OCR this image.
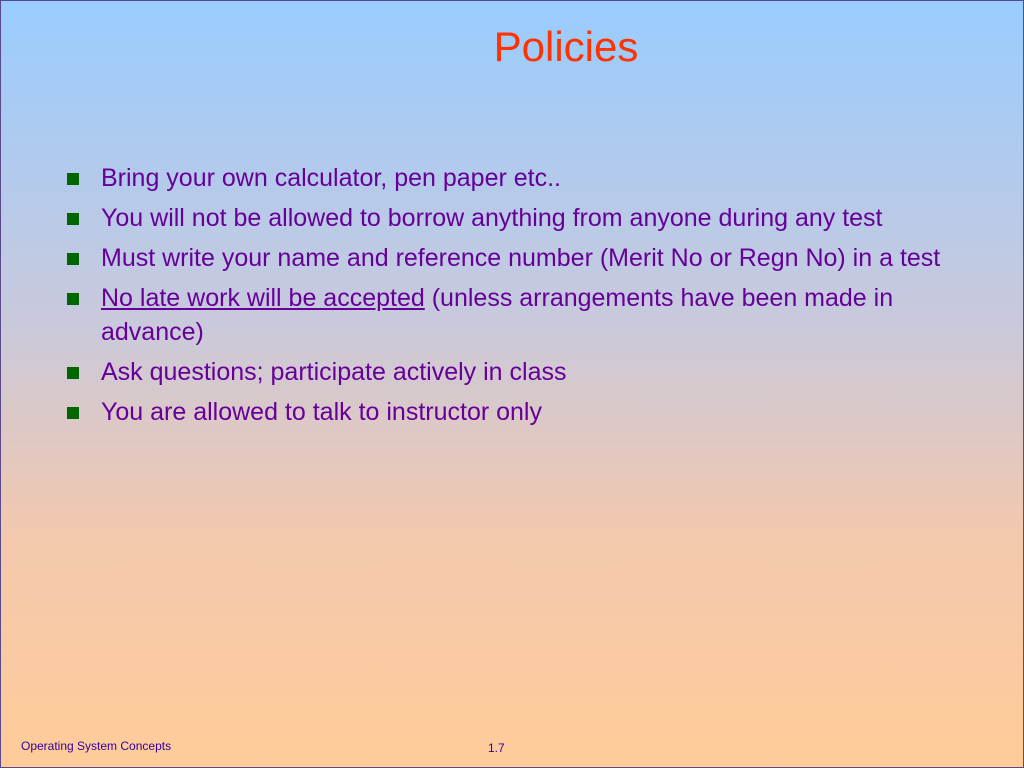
Policies
Bring your own calculator, pen paper etc..
You will not be allowed to borrow anything from anyone during any test
Must write your name and reference number (Merit No or Regn No) in a test
No late work will be accepted (unless arrangements have been made in advance)
Ask questions; participate actively in class
You are allowed to talk to instructor only
Operating System Concepts	1.7
